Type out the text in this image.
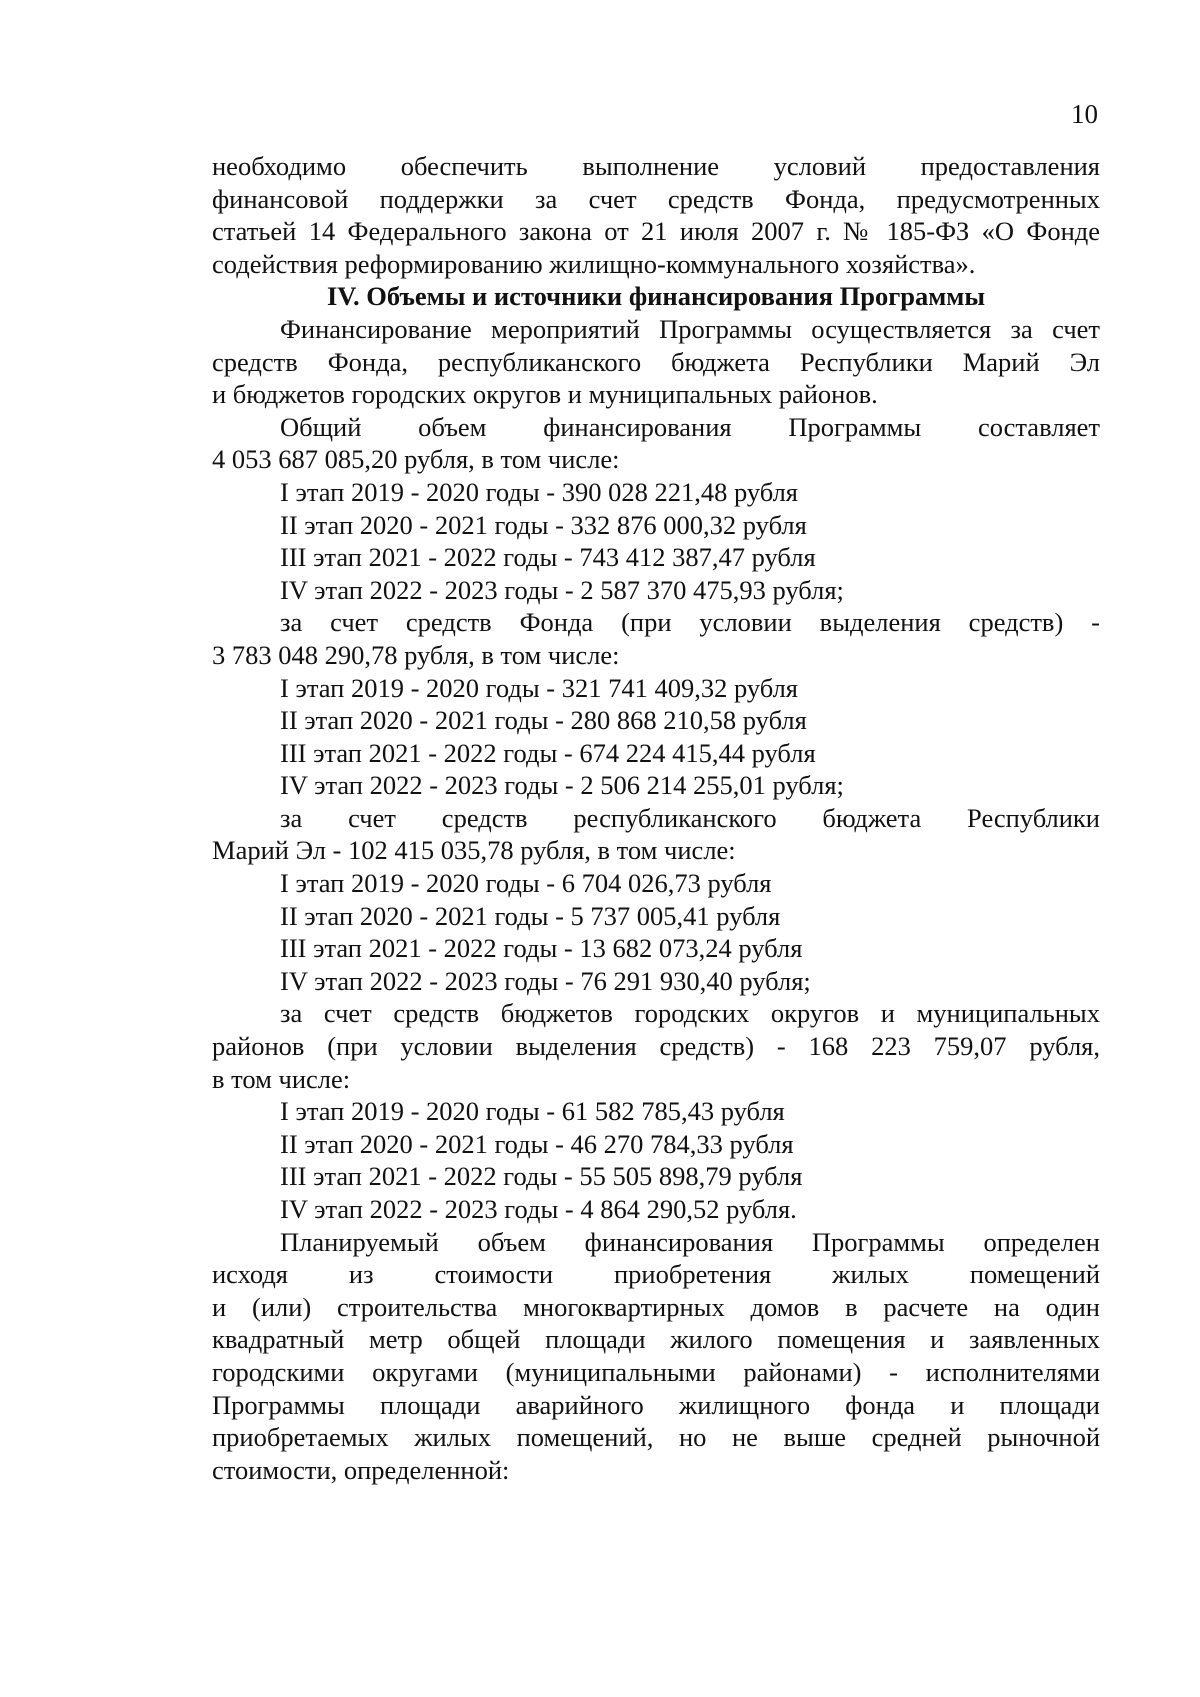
10

необходимо обеспечить выполнение условий предоставления
финансовой поддержки за счет средств Фонда, предусмотренных
статьей 14 Федерального закона от 21 июля 2007 г. № 185-ФЗ «О Фонде
содействия реформированию жилищно-коммунального хозяйства».

IV. Объемы и источники финансирования Программы

Финансирование мероприятий Программы осуществляется за счет
средств Фонда, республиканского бюджета Республики Марий Эл
и бюджетов городских округов и муниципальных районов.

Общий объем финансирования Программы составляет
4 053 687 085,20 рубля, в том числе:

I этап 2019 - 2020 годы - 390 028 221,48 рубля
II этап 2020 - 2021 годы - 332 876 000,32 рубля
III этап 2021 - 2022 годы - 743 412 387,47 рубля
IV этап 2022 - 2023 годы - 2 587 370 475,93 рубля;

за счет средств Фонда (при условии выделения средств) -
3 783 048 290,78 рубля, в том числе:

I этап 2019 - 2020 годы - 321 741 409,32 рубля
II этап 2020 - 2021 годы - 280 868 210,58 рубля
III этап 2021 - 2022 годы - 674 224 415,44 рубля
IV этап 2022 - 2023 годы - 2 506 214 255,01 рубля;

за счет средств республиканского бюджета Республики
Марий Эл - 102 415 035,78 рубля, в том числе:

I этап 2019 - 2020 годы - 6 704 026,73 рубля
II этап 2020 - 2021 годы - 5 737 005,41 рубля
III этап 2021 - 2022 годы - 13 682 073,24 рубля
IV этап 2022 - 2023 годы - 76 291 930,40 рубля;

за счет средств бюджетов городских округов и муниципальных
районов (при условии выделения средств) - 168 223 759,07 рубля,
в том числе:

I этап 2019 - 2020 годы - 61 582 785,43 рубля
II этап 2020 - 2021 годы - 46 270 784,33 рубля
III этап 2021 - 2022 годы - 55 505 898,79 рубля
IV этап 2022 - 2023 годы - 4 864 290,52 рубля.

Планируемый объем финансирования Программы определен
исходя из стоимости приобретения жилых помещений
и (или) строительства многоквартирных домов в расчете на один
квадратный метр общей площади жилого помещения и заявленных
городскими округами (муниципальными районами) - исполнителями
Программы площади аварийного жилищного фонда и площади
приобретаемых жилых помещений, но не выше средней рыночной
стоимости, определенной:
